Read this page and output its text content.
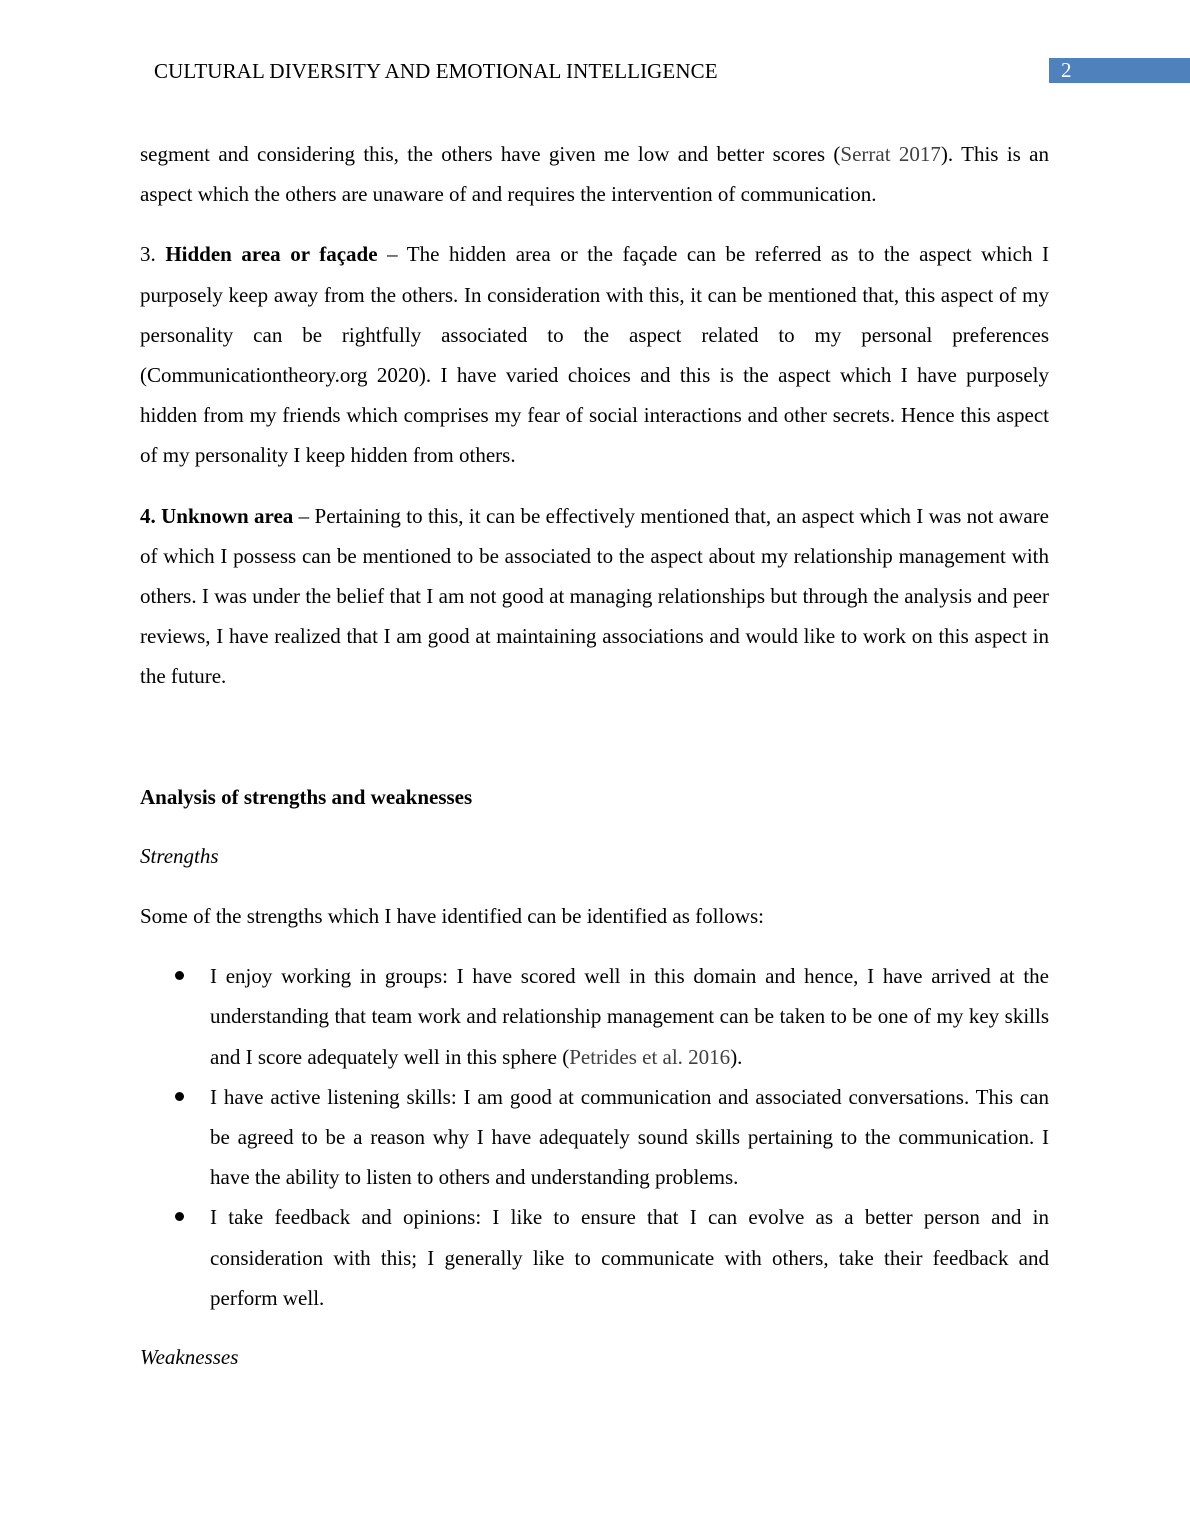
CULTURAL DIVERSITY AND EMOTIONAL INTELLIGENCE	2

segment and considering this, the others have given me low and better scores (Serrat 2017). This is an aspect which the others are unaware of and requires the intervention of communication.

3. Hidden area or façade – The hidden area or the façade can be referred as to the aspect which I purposely keep away from the others. In consideration with this, it can be mentioned that, this aspect of my personality can be rightfully associated to the aspect related to my personal preferences (Communicationtheory.org 2020). I have varied choices and this is the aspect which I have purposely hidden from my friends which comprises my fear of social interactions and other secrets. Hence this aspect of my personality I keep hidden from others.

4. Unknown area – Pertaining to this, it can be effectively mentioned that, an aspect which I was not aware of which I possess can be mentioned to be associated to the aspect about my relationship management with others. I was under the belief that I am not good at managing relationships but through the analysis and peer reviews, I have realized that I am good at maintaining associations and would like to work on this aspect in the future.

Analysis of strengths and weaknesses

Strengths

Some of the strengths which I have identified can be identified as follows:

I enjoy working in groups: I have scored well in this domain and hence, I have arrived at the understanding that team work and relationship management can be taken to be one of my key skills and I score adequately well in this sphere (Petrides et al. 2016).
I have active listening skills: I am good at communication and associated conversations. This can be agreed to be a reason why I have adequately sound skills pertaining to the communication. I have the ability to listen to others and understanding problems.
I take feedback and opinions: I like to ensure that I can evolve as a better person and in consideration with this; I generally like to communicate with others, take their feedback and perform well.

Weaknesses
